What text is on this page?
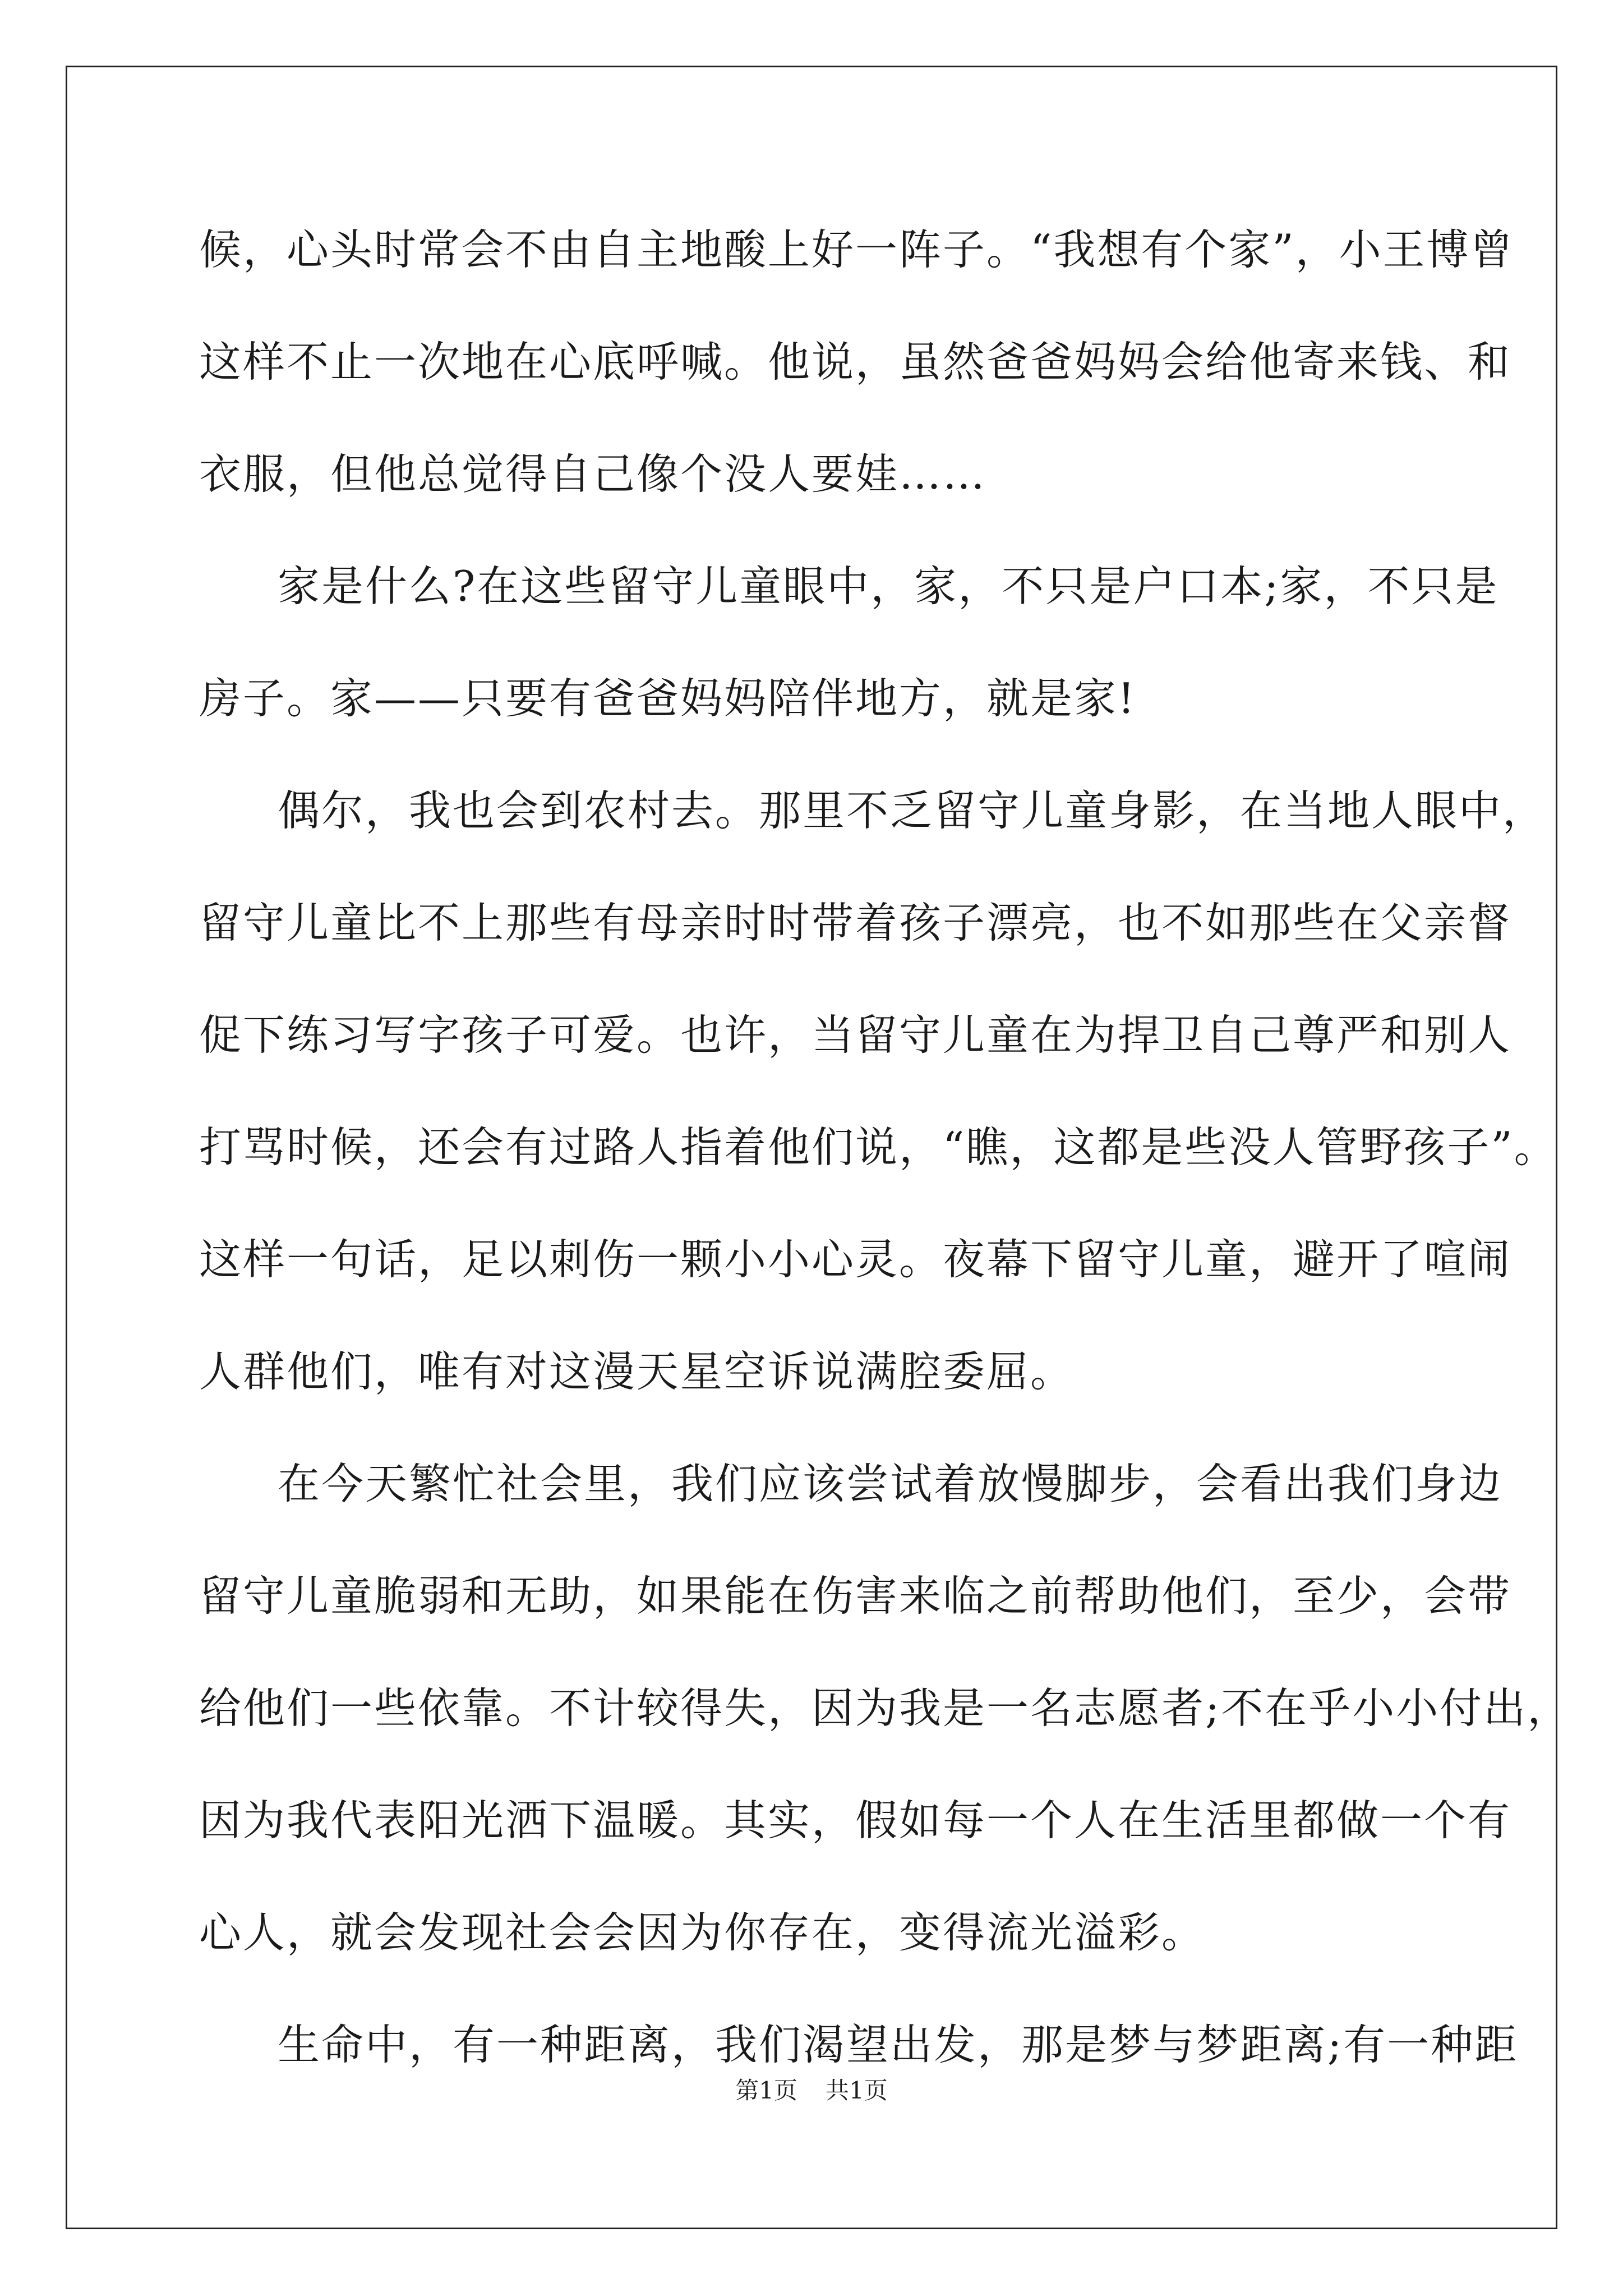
候，心头时常会不由自主地酸上好一阵子。“我想有个家”，小王博曾
这样不止一次地在心底呼喊。他说，虽然爸爸妈妈会给他寄来钱、和
衣服，但他总觉得自己像个没人要娃……
家是什么?在这些留守儿童眼中，家，不只是户口本;家，不只是
房子。家——只要有爸爸妈妈陪伴地方，就是家!
偶尔，我也会到农村去。那里不乏留守儿童身影，在当地人眼中，
留守儿童比不上那些有母亲时时带着孩子漂亮，也不如那些在父亲督
促下练习写字孩子可爱。也许，当留守儿童在为捍卫自己尊严和别人
打骂时候，还会有过路人指着他们说，“瞧，这都是些没人管野孩子”。
这样一句话，足以刺伤一颗小小心灵。夜幕下留守儿童，避开了喧闹
人群他们，唯有对这漫天星空诉说满腔委屈。
在今天繁忙社会里，我们应该尝试着放慢脚步，会看出我们身边
留守儿童脆弱和无助，如果能在伤害来临之前帮助他们，至少，会带
给他们一些依靠。不计较得失，因为我是一名志愿者;不在乎小小付出，
因为我代表阳光洒下温暖。其实，假如每一个人在生活里都做一个有
心人，就会发现社会会因为你存在，变得流光溢彩。
生命中，有一种距离，我们渴望出发，那是梦与梦距离;有一种距
第1页 共1页
